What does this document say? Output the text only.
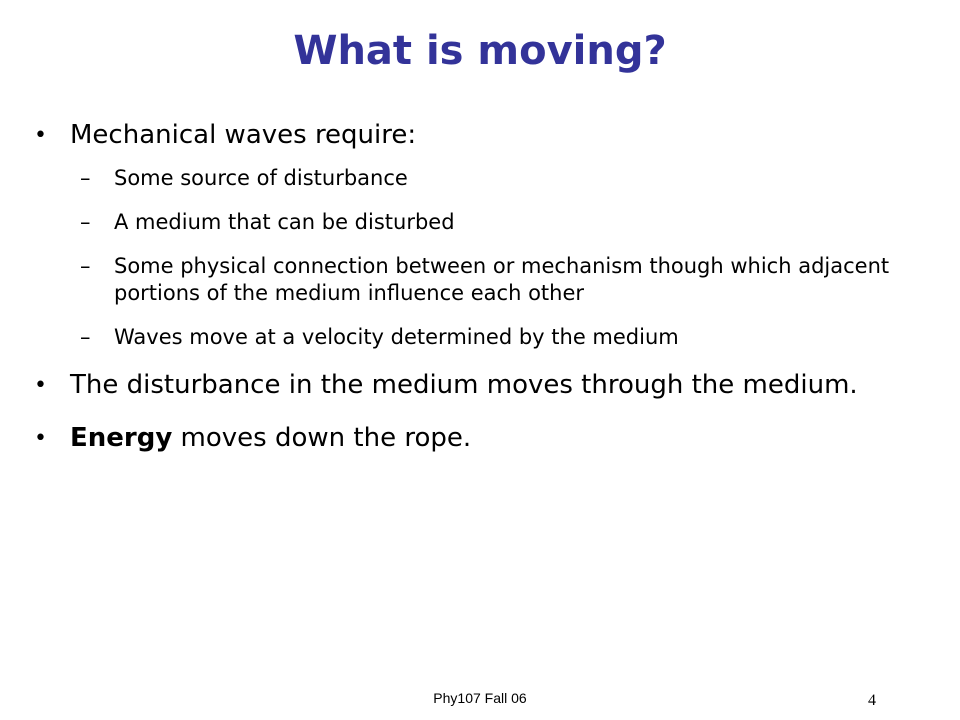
What is moving?
• Mechanical waves require:
– Some source of disturbance
– A medium that can be disturbed
– Some physical connection between or mechanism though which adjacent portions of the medium influence each other
– Waves move at a velocity determined by the medium
• The disturbance in the medium moves through the medium.
• Energy moves down the rope.
Phy107 Fall 06	4
